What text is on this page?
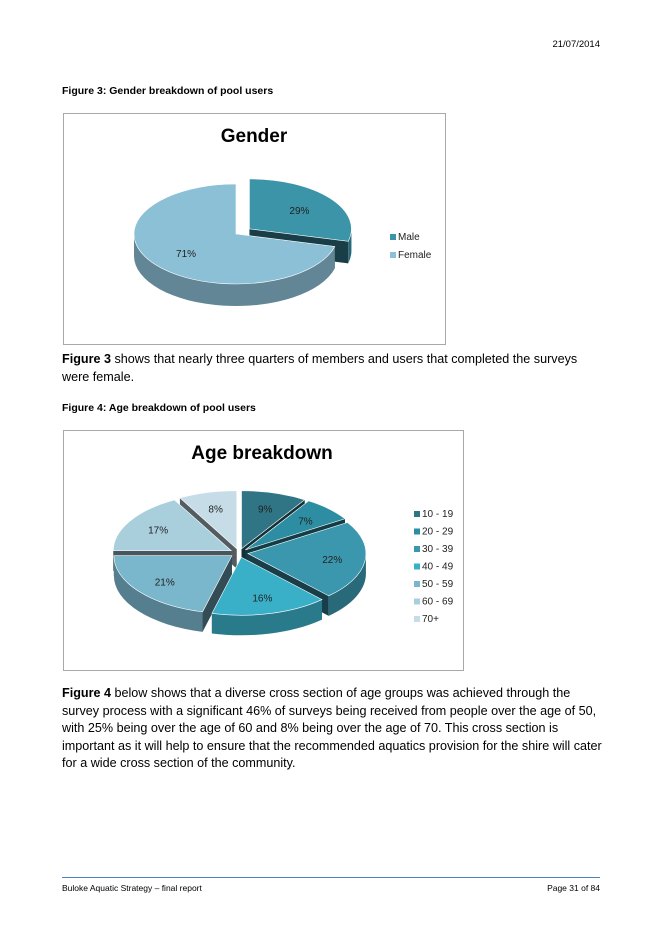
21/07/2014
Figure 3: Gender breakdown of pool users
Gender
29%
71%
Male
Female
Figure 3 shows that nearly three quarters of members and users that completed the surveys were female.
Figure 4: Age breakdown of pool users
Age breakdown
9%
7%
22%
16%
21%
17%
8%	10 - 19
20 - 29
30 - 39
40 - 49
50 - 59
60 - 69
70+
Figure 4 below shows that a diverse cross section of age groups was achieved through the survey process with a significant 46% of surveys being received from people over the age of 50, with 25% being over the age of 60 and 8% being over the age of 70. This cross section is important as it will help to ensure that the recommended aquatics provision for the shire will cater for a wide cross section of the community.
Buloke Aquatic Strategy – final report	Page 31 of 84
